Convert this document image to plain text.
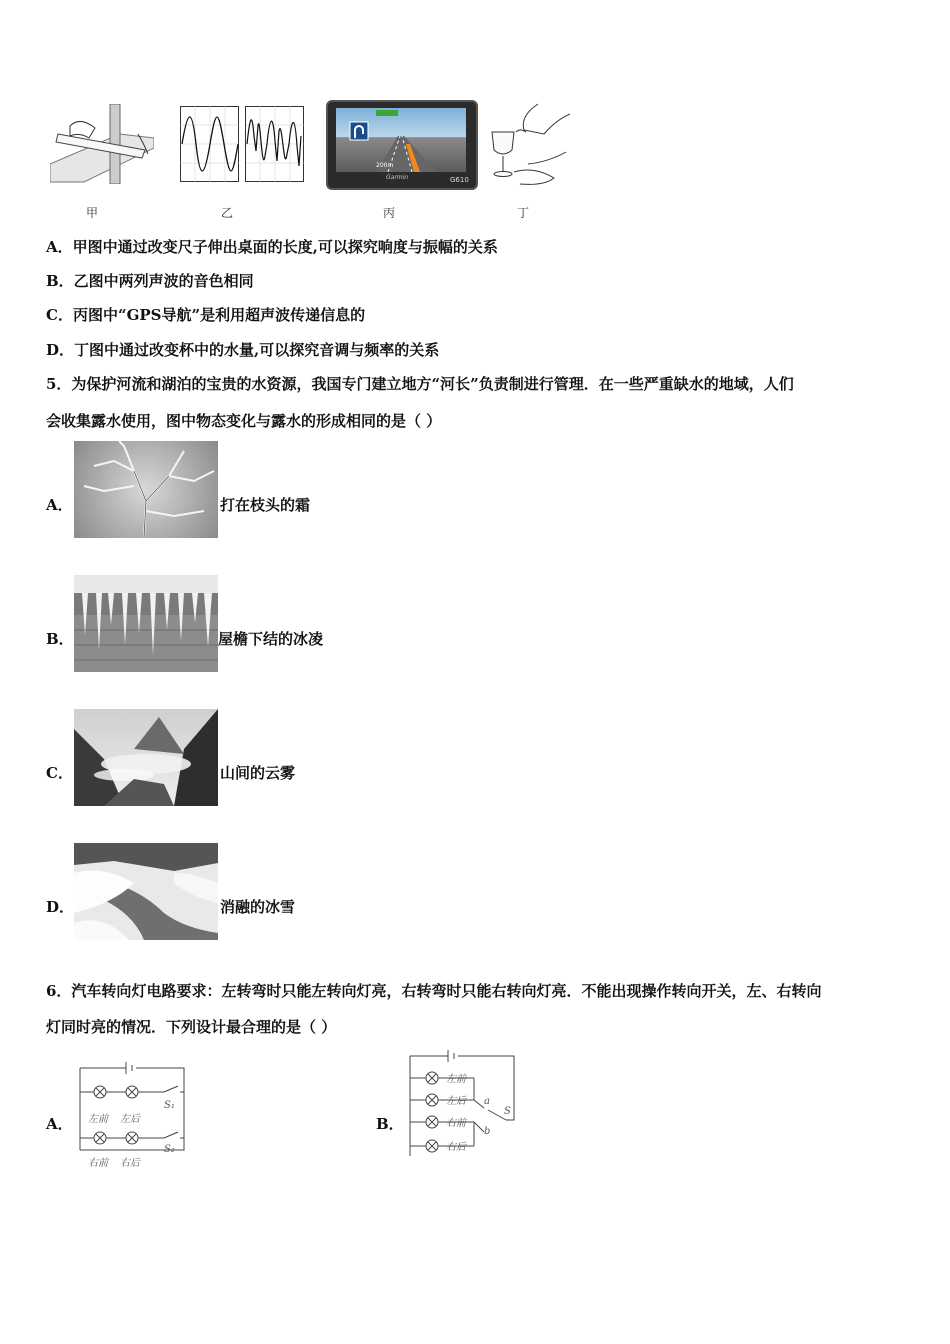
甲	乙
200m
Garmin	G610
丙	丁
A．甲图中通过改变尺子伸出桌面的长度,可以探究响度与振幅的关系
B．乙图中两列声波的音色相同
C．丙图中“GPS导航”是利用超声波传递信息的
D．丁图中通过改变杯中的水量,可以探究音调与频率的关系
5．为保护河流和湖泊的宝贵的水资源，我国专门建立地方“河长”负责制进行管理．在一些严重缺水的地域，人们
会收集露水使用，图中物态变化与露水的形成相同的是（ ）
A．	打在枝头的霜
B．	屋檐下结的冰凌
C．	山间的云雾
D．	消融的冰雪
6．汽车转向灯电路要求：左转弯时只能左转向灯亮，右转弯时只能右转向灯亮．不能出现操作转向开关，左、右转向
灯同时亮的情况．下列设计最合理的是（ ）
A． 左前 左后
右前 右后
S₁
S₂
B．
左前
左后
右前
右后
a
S
b
